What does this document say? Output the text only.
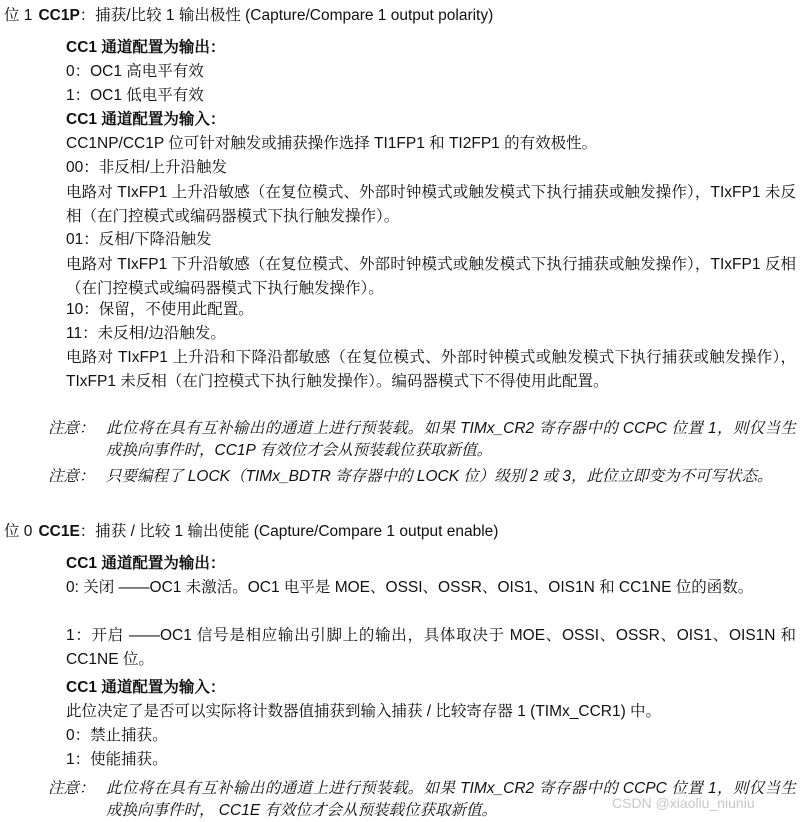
位 1 CC1P：捕获/比较 1 输出极性 (Capture/Compare 1 output polarity)
CC1 通道配置为输出：
0：OC1 高电平有效
1：OC1 低电平有效
CC1 通道配置为输入：
CC1NP/CC1P 位可针对触发或捕获操作选择 TI1FP1 和 TI2FP1 的有效极性。
00：非反相/上升沿触发
电路对 TIxFP1 上升沿敏感（在复位模式、外部时钟模式或触发模式下执行捕获或触发操作），TIxFP1 未反相（在门控模式或编码器模式下执行触发操作）。
01：反相/下降沿触发
电路对 TIxFP1 下升沿敏感（在复位模式、外部时钟模式或触发模式下执行捕获或触发操作），TIxFP1 反相（在门控模式或编码器模式下执行触发操作）。
10：保留，不使用此配置。
11：未反相/边沿触发。
电路对 TIxFP1 上升沿和下降沿都敏感（在复位模式、外部时钟模式或触发模式下执行捕获或触发操作），TIxFP1 未反相（在门控模式下执行触发操作）。编码器模式下不得使用此配置。
注意： 此位将在具有互补输出的通道上进行预装载。如果 TIMx_CR2 寄存器中的 CCPC 位置 1，则仅当生成换向事件时，CC1P 有效位才会从预装载位获取新值。
注意： 只要编程了 LOCK（TIMx_BDTR 寄存器中的 LOCK 位）级别 2 或 3，此位立即变为不可写状态。
位 0 CC1E：捕获 / 比较 1 输出使能 (Capture/Compare 1 output enable)
CC1 通道配置为输出：
0: 关闭 ——OC1 未激活。OC1 电平是 MOE、OSSI、OSSR、OIS1、OIS1N 和 CC1NE 位的函数。
1：开启 ——OC1 信号是相应输出引脚上的输出，具体取决于 MOE、OSSI、OSSR、OIS1、OIS1N 和 CC1NE 位。
CC1 通道配置为输入：
此位决定了是否可以实际将计数器值捕获到输入捕获 / 比较寄存器 1 (TIMx_CCR1) 中。
0：禁止捕获。
1：使能捕获。
注意： 此位将在具有互补输出的通道上进行预装载。如果 TIMx_CR2 寄存器中的 CCPC 位置 1，则仅当生成换向事件时， CC1E 有效位才会从预装载位获取新值。	CSDN @xiaoliu_niuniu
